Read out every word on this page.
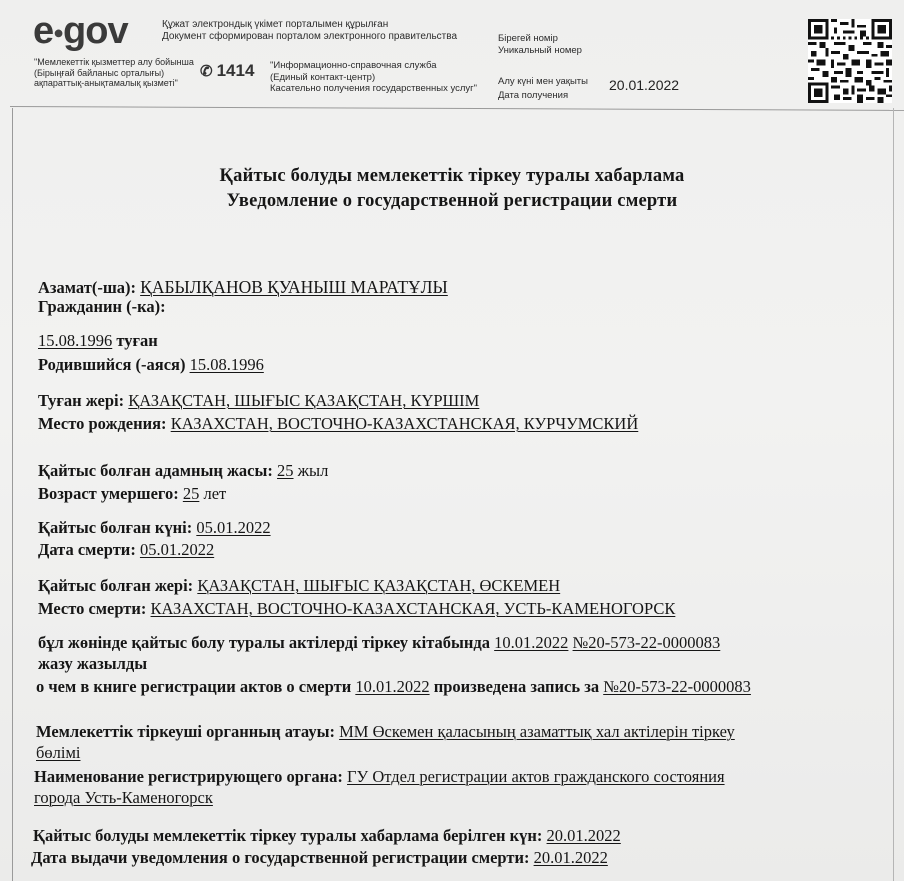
e●gov
"Мемлекеттік қызметтер алу бойынша
(Бірыңғай байланыс орталығы)
ақпараттық-анықтамалық қызметі"
Құжат электрондық үкімет порталымен құрылған
Документ сформирован порталом электронного правительства
✆ 1414 "Информационно-справочная служба
(Единый контакт-центр)
Касательно получения государственных услуг"
Бірегей номір
Уникальный номер
Алу күні мен уақыты
Дата получения
20.01.2022
Қайтыс болуды мемлекеттік тіркеу туралы хабарлама
Уведомление о государственной регистрации смерти
Азамат(-ша): ҚАБЫЛҚАНОВ ҚУАНЫШ МАРАТҰЛЫ
Гражданин (-ка):
15.08.1996 туған
Родившийся (-аяся) 15.08.1996
Туған жері: ҚАЗАҚСТАН, ШЫҒЫС ҚАЗАҚСТАН, КҮРШІМ
Место рождения: КАЗАХСТАН, ВОСТОЧНО-КАЗАХСТАНСКАЯ, КУРЧУМСКИЙ
Қайтыс болған адамның жасы: 25 жыл
Возраст умершего: 25 лет
Қайтыс болған күні: 05.01.2022
Дата смерти: 05.01.2022
Қайтыс болған жері: ҚАЗАҚСТАН, ШЫҒЫС ҚАЗАҚСТАН, ӨСКЕМЕН
Место смерти: КАЗАХСТАН, ВОСТОЧНО-КАЗАХСТАНСКАЯ, УСТЬ-КАМЕНОГОРСК
бұл жөнінде қайтыс болу туралы актілерді тіркеу кітабында 10.01.2022 №20-573-22-0000083
жазу жазылды
о чем в книге регистрации актов о смерти 10.01.2022 произведена запись за №20-573-22-0000083
Мемлекеттік тіркеуші органның атауы: ММ Өскемен қаласының азаматтық хал актілерін тіркеу
бөлімі
Наименование регистрирующего органа: ГУ Отдел регистрации актов гражданского состояния
города Усть-Каменогорск
Қайтыс болуды мемлекеттік тіркеу туралы хабарлама берілген күн: 20.01.2022
Дата выдачи уведомления о государственной регистрации смерти: 20.01.2022
